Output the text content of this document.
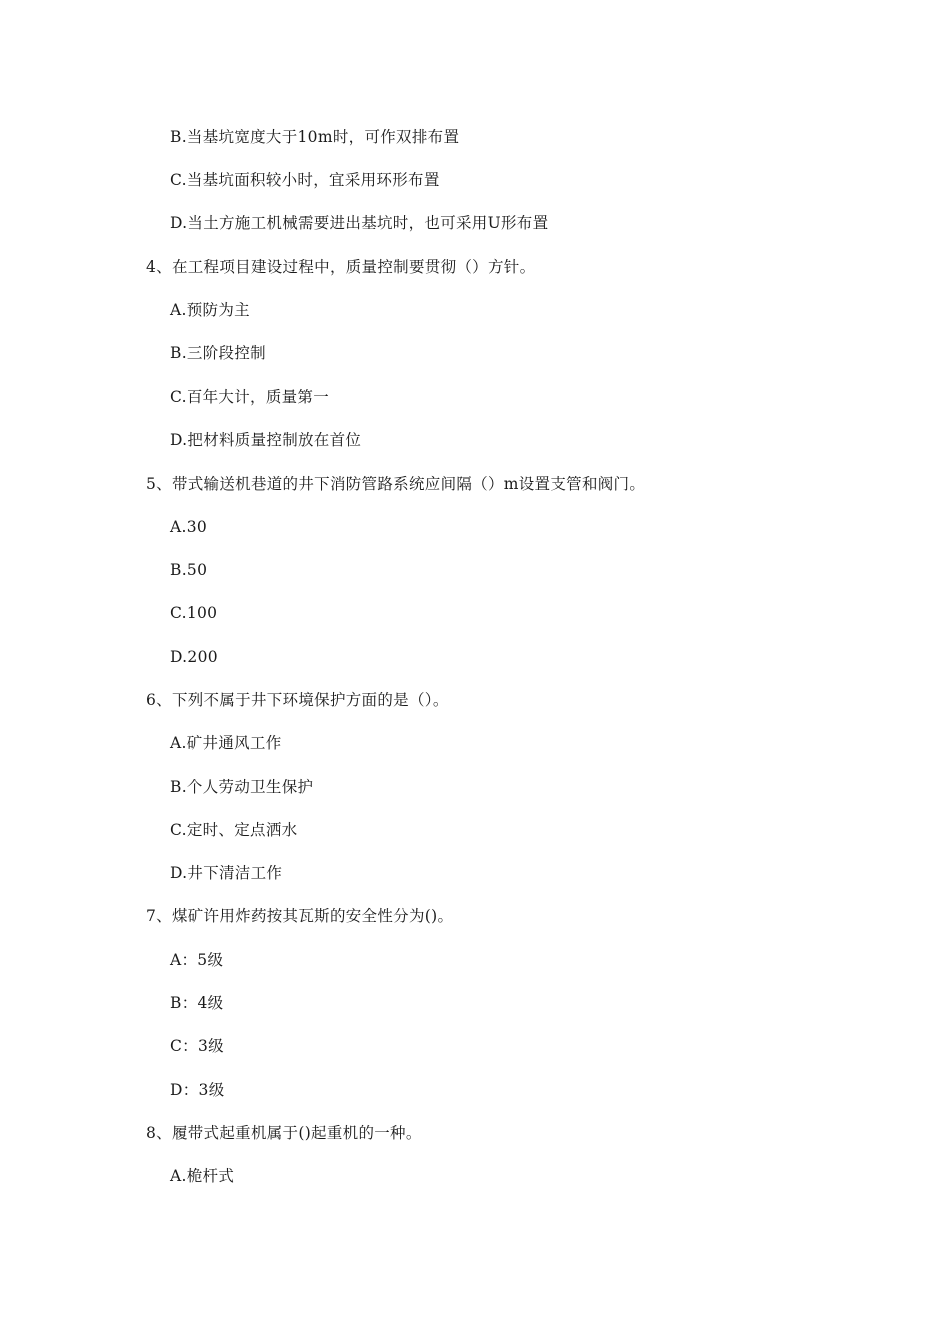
B.当基坑宽度大于10m时，可作双排布置
C.当基坑面积较小时，宜采用环形布置
D.当土方施工机械需要进出基坑时，也可采用U形布置
4、在工程项目建设过程中，质量控制要贯彻（）方针。
A.预防为主
B.三阶段控制
C.百年大计，质量第一
D.把材料质量控制放在首位
5、带式输送机巷道的井下消防管路系统应间隔（）m设置支管和阀门。
A.30
B.50
C.100
D.200
6、下列不属于井下环境保护方面的是（）。
A.矿井通风工作
B.个人劳动卫生保护
C.定时、定点洒水
D.井下清洁工作
7、煤矿许用炸药按其瓦斯的安全性分为()。
A：5级
B：4级
C：3级
D：3级
8、履带式起重机属于()起重机的一种。
A.桅杆式
